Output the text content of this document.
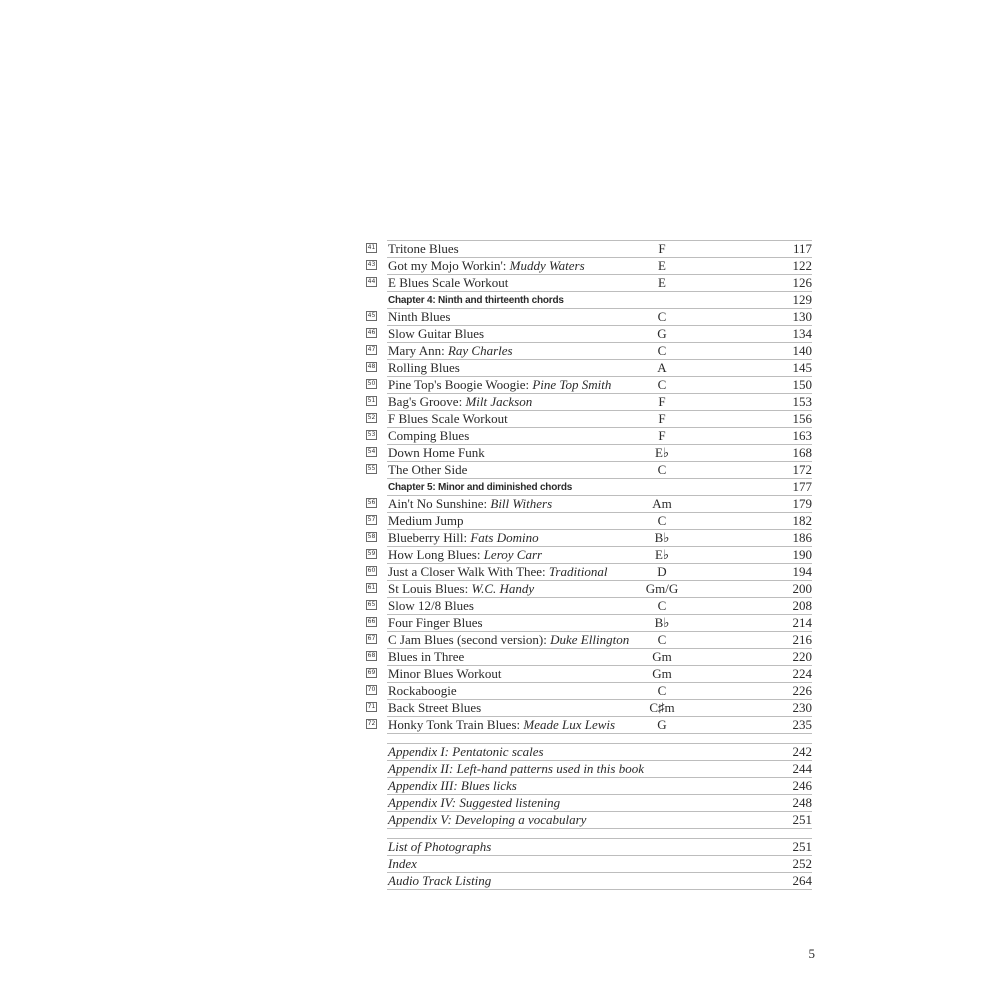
41 Tritone Blues	F	117
43 Got my Mojo Workin': Muddy Waters	E	122
44 E Blues Scale Workout	E	126
Chapter 4: Ninth and thirteenth chords	129
45 Ninth Blues	C	130
46 Slow Guitar Blues	G	134
47 Mary Ann: Ray Charles	C	140
48 Rolling Blues	A	145
50 Pine Top's Boogie Woogie: Pine Top Smith	C	150
51 Bag's Groove: Milt Jackson	F	153
52 F Blues Scale Workout	F	156
53 Comping Blues	F	163
54 Down Home Funk	E♭	168
55 The Other Side	C	172
Chapter 5: Minor and diminished chords	177
56 Ain't No Sunshine: Bill Withers	Am	179
57 Medium Jump	C	182
58 Blueberry Hill: Fats Domino	B♭	186
59 How Long Blues: Leroy Carr	E♭	190
60 Just a Closer Walk With Thee: Traditional	D	194
61 St Louis Blues: W.C. Handy	Gm/G	200
65 Slow 12/8 Blues	C	208
66 Four Finger Blues	B♭	214
67 C Jam Blues (second version): Duke Ellington	C	216
68 Blues in Three	Gm	220
69 Minor Blues Workout	Gm	224
70 Rockaboogie	C	226
71 Back Street Blues	C♯m	230
72 Honky Tonk Train Blues: Meade Lux Lewis	G	235
Appendix I: Pentatonic scales	242
Appendix II: Left-hand patterns used in this book	244
Appendix III: Blues licks	246
Appendix IV: Suggested listening	248
Appendix V: Developing a vocabulary	251
List of Photographs	251
Index	252
Audio Track Listing	264
5
